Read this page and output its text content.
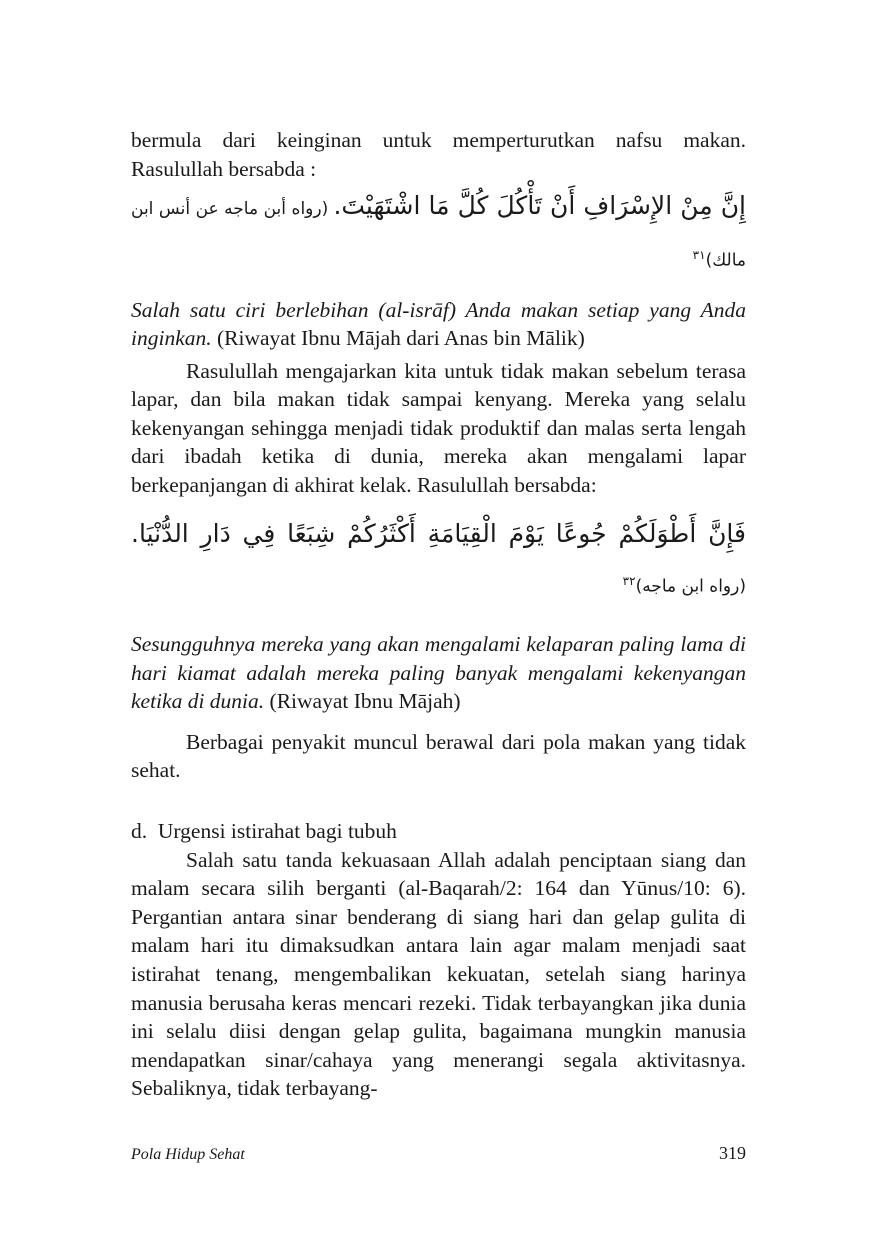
bermula dari keinginan untuk memperturutkan nafsu makan. Rasulullah bersabda :

إِنَّ مِنْ الإِسْرَافِ أَنْ تَأْكُلَ كُلَّ مَا اشْتَهَيْتَ. (رواه أبن ماجه عن أنس ابن مالك)$^{٣١}$

Salah satu ciri berlebihan (al-isrāf) Anda makan setiap yang Anda inginkan. (Riwayat Ibnu Mājah dari Anas bin Mālik)

Rasulullah mengajarkan kita untuk tidak makan sebelum terasa lapar, dan bila makan tidak sampai kenyang. Mereka yang selalu kekenyangan sehingga menjadi tidak produktif dan malas serta lengah dari ibadah ketika di dunia, mereka akan mengalami lapar berkepanjangan di akhirat kelak. Rasulullah bersabda:

فَإِنَّ أَطْوَلَكُمْ جُوعًا يَوْمَ الْقِيَامَةِ أَكْثَرُكُمْ شِبَعًا فِي دَارِ الدُّنْيَا. (رواه ابن ماجه)$^{٣٢}$

Sesungguhnya mereka yang akan mengalami kelaparan paling lama di hari kiamat adalah mereka paling banyak mengalami kekenyangan ketika di dunia. (Riwayat Ibnu Mājah)

Berbagai penyakit muncul berawal dari pola makan yang tidak sehat.

d.  Urgensi istirahat bagi tubuh

Salah satu tanda kekuasaan Allah adalah penciptaan siang dan malam secara silih berganti (al-Baqarah/2: 164 dan Yūnus/10: 6). Pergantian antara sinar benderang di siang hari dan gelap gulita di malam hari itu dimaksudkan antara lain agar malam menjadi saat istirahat tenang, mengembalikan kekuatan, setelah siang harinya manusia berusaha keras mencari rezeki. Tidak terbayangkan jika dunia ini selalu diisi dengan gelap gulita, bagaimana mungkin manusia mendapatkan sinar/cahaya yang menerangi segala aktivitasnya. Sebaliknya, tidak terbayang-

Pola Hidup Sehat	319
